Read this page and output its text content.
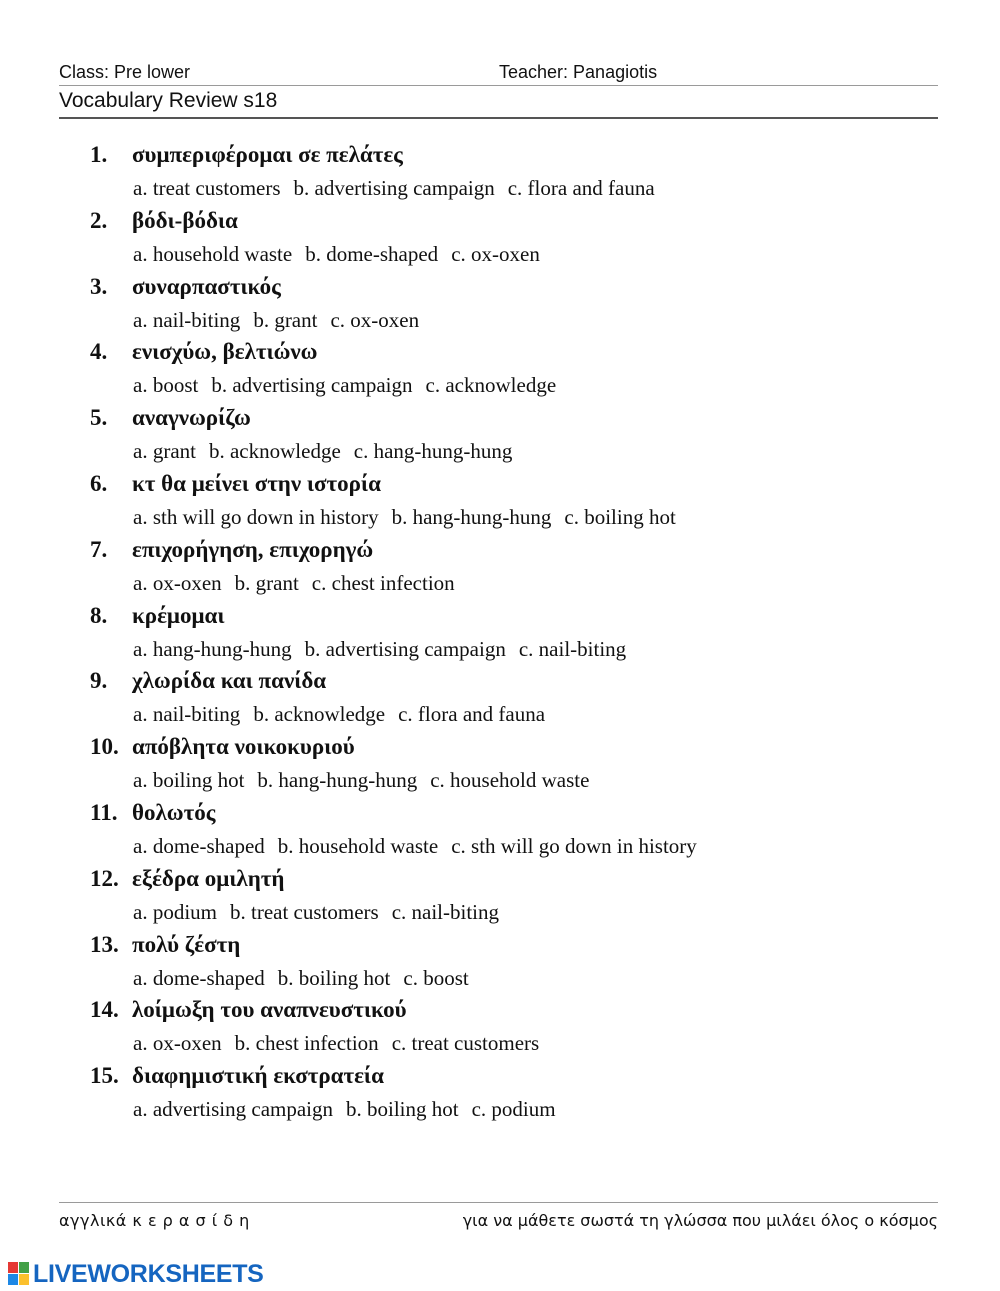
Class: Pre lower	Teacher: Panagiotis
Vocabulary Review s18
1. συμπεριφέρομαι σε πελάτες
a. treat customers b. advertising campaign c. flora and fauna
2. βόδι-βόδια
a. household waste b. dome-shaped c. ox-oxen
3. συναρπαστικός
a. nail-biting b. grant c. ox-oxen
4. ενισχύω, βελτιώνω
a. boost b. advertising campaign c. acknowledge
5. αναγνωρίζω
a. grant b. acknowledge c. hang-hung-hung
6. κτ θα μείνει στην ιστορία
a. sth will go down in history b. hang-hung-hung c. boiling hot
7. επιχορήγηση, επιχορηγώ
a. ox-oxen b. grant c. chest infection
8. κρέμομαι
a. hang-hung-hung b. advertising campaign c. nail-biting
9. χλωρίδα και πανίδα
a. nail-biting b. acknowledge c. flora and fauna
10. απόβλητα νοικοκυριού
a. boiling hot b. hang-hung-hung c. household waste
11. θολωτός
a. dome-shaped b. household waste c. sth will go down in history
12. εξέδρα ομιλητή
a. podium b. treat customers c. nail-biting
13. πολύ ζέστη
a. dome-shaped b. boiling hot c. boost
14. λοίμωξη του αναπνευστικού
a. ox-oxen b. chest infection c. treat customers
15. διαφημιστική εκστρατεία
a. advertising campaign b. boiling hot c. podium
αγγλικά κ ε ρ α σ ί δ η	για να μάθετε σωστά τη γλώσσα που μιλάει όλος ο κόσμος
LIVEWORKSHEETS
